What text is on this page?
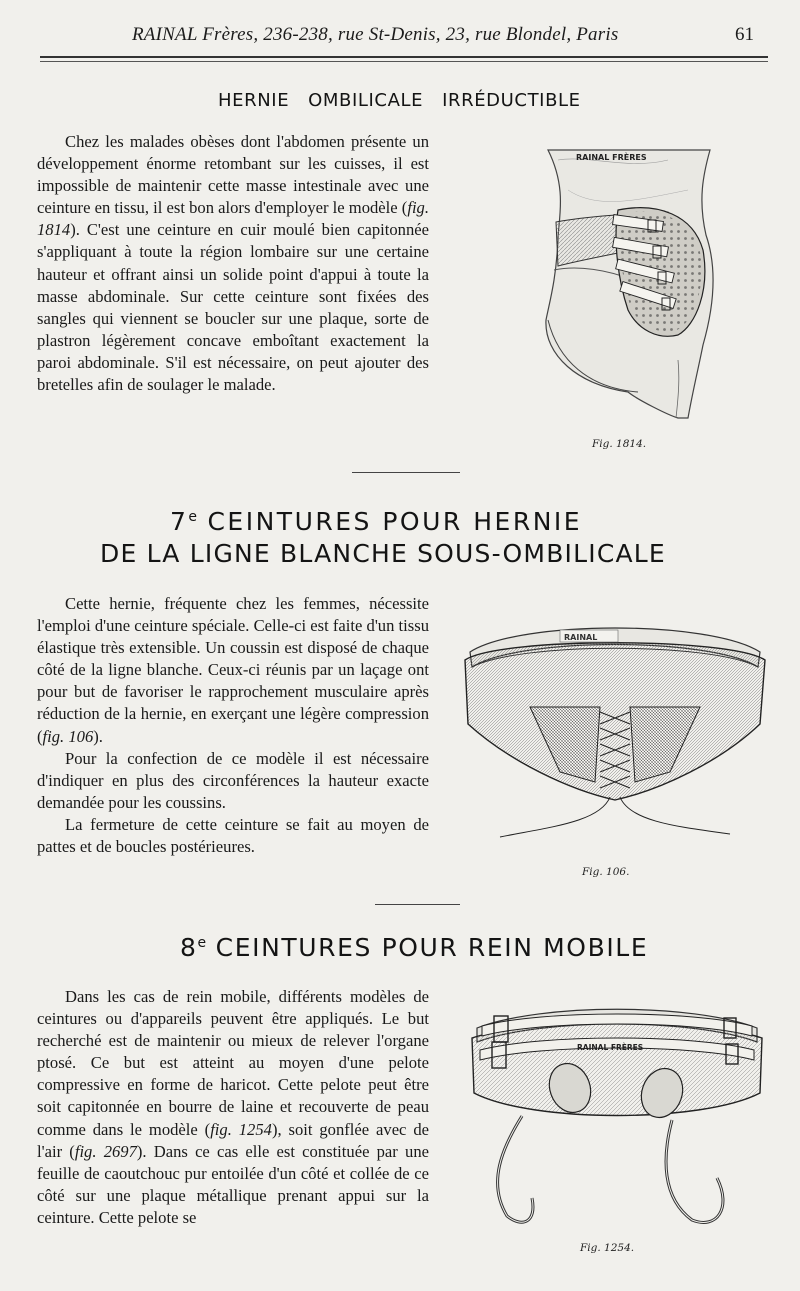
RAINAL Frères, 236-238, rue St-Denis, 23, rue Blondel, Paris	61
HERNIE   OMBILICALE   IRRÉDUCTIBLE

Chez les malades obèses dont l'abdomen présente un développement énorme retombant sur les cuisses, il est impossible de maintenir cette masse intestinale avec une ceinture en tissu, il est bon alors d'employer le modèle (fig. 1814). C'est une ceinture en cuir moulé bien capitonnée s'appliquant à toute la région lombaire sur une certaine hauteur et offrant ainsi un solide point d'appui à toute la masse abdominale. Sur cette ceinture sont fixées des sangles qui viennent se boucler sur une plaque, sorte de plastron légèrement concave emboîtant exactement la paroi abdominale. S'il est nécessaire, on peut ajouter des bretelles afin de soulager le malade.

RAINAL FRÈRES
Fig. 1814.
7e CEINTURES POUR HERNIE
DE LA LIGNE BLANCHE SOUS-OMBILICALE

Cette hernie, fréquente chez les femmes, nécessite l'emploi d'une ceinture spéciale. Celle-ci est faite d'un tissu élastique très extensible. Un coussin est disposé de chaque côté de la ligne blanche. Ceux-ci réunis par un laçage ont pour but de favoriser le rapprochement musculaire après réduction de la hernie, en exerçant une légère compression (fig. 106).

Pour la confection de ce modèle il est nécessaire d'indiquer en plus des circonférences la hauteur exacte demandée pour les coussins.

La fermeture de cette ceinture se fait au moyen de pattes et de boucles postérieures.

RAINAL
Fig. 106.
8e CEINTURES POUR REIN MOBILE

Dans les cas de rein mobile, différents modèles de ceintures ou d'appareils peuvent être appliqués. Le but recherché est de maintenir ou mieux de relever l'organe ptosé. Ce but est atteint au moyen d'une pelote compressive en forme de haricot. Cette pelote peut être soit capitonnée en bourre de laine et recouverte de peau comme dans le modèle (fig. 1254), soit gonflée avec de l'air (fig. 2697). Dans ce cas elle est constituée par une feuille de caoutchouc pur entoilée d'un côté et collée de ce côté sur une plaque métallique prenant appui sur la ceinture. Cette pelote se

RAINAL FRÈRES
Fig. 1254.
